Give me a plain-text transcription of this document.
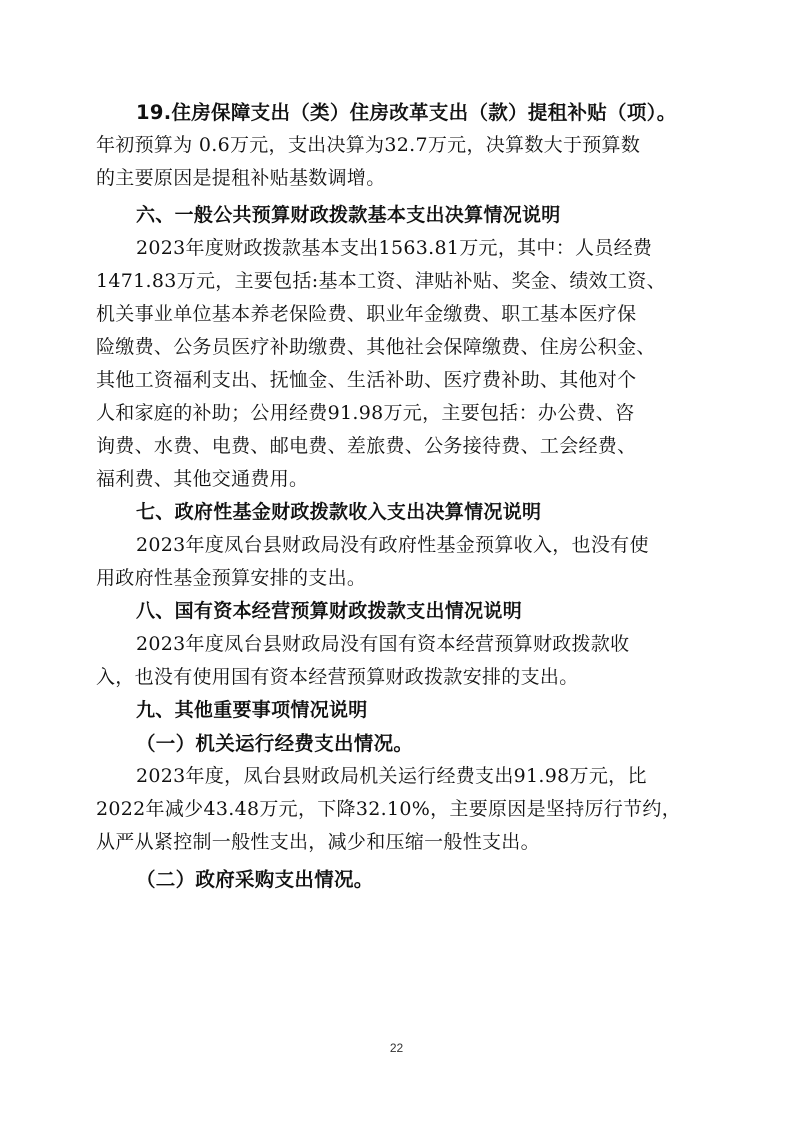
19.住房保障支出（类）住房改革支出（款）提租补贴（项）。
年初预算为 0.6万元，支出决算为32.7万元，决算数大于预算数
的主要原因是提租补贴基数调增。
六、一般公共预算财政拨款基本支出决算情况说明
2023年度财政拨款基本支出1563.81万元，其中：人员经费
1471.83万元，主要包括:基本工资、津贴补贴、奖金、绩效工资、
机关事业单位基本养老保险费、职业年金缴费、职工基本医疗保
险缴费、公务员医疗补助缴费、其他社会保障缴费、住房公积金、
其他工资福利支出、抚恤金、生活补助、医疗费补助、其他对个
人和家庭的补助；公用经费91.98万元，主要包括：办公费、咨
询费、水费、电费、邮电费、差旅费、公务接待费、工会经费、
福利费、其他交通费用。
七、政府性基金财政拨款收入支出决算情况说明
2023年度凤台县财政局没有政府性基金预算收入，也没有使
用政府性基金预算安排的支出。
八、国有资本经营预算财政拨款支出情况说明
2023年度凤台县财政局没有国有资本经营预算财政拨款收
入，也没有使用国有资本经营预算财政拨款安排的支出。
九、其他重要事项情况说明
（一）机关运行经费支出情况。
2023年度，凤台县财政局机关运行经费支出91.98万元，比
2022年减少43.48万元，下降32.10%，主要原因是坚持厉行节约，
从严从紧控制一般性支出，减少和压缩一般性支出。
（二）政府采购支出情况。
22
